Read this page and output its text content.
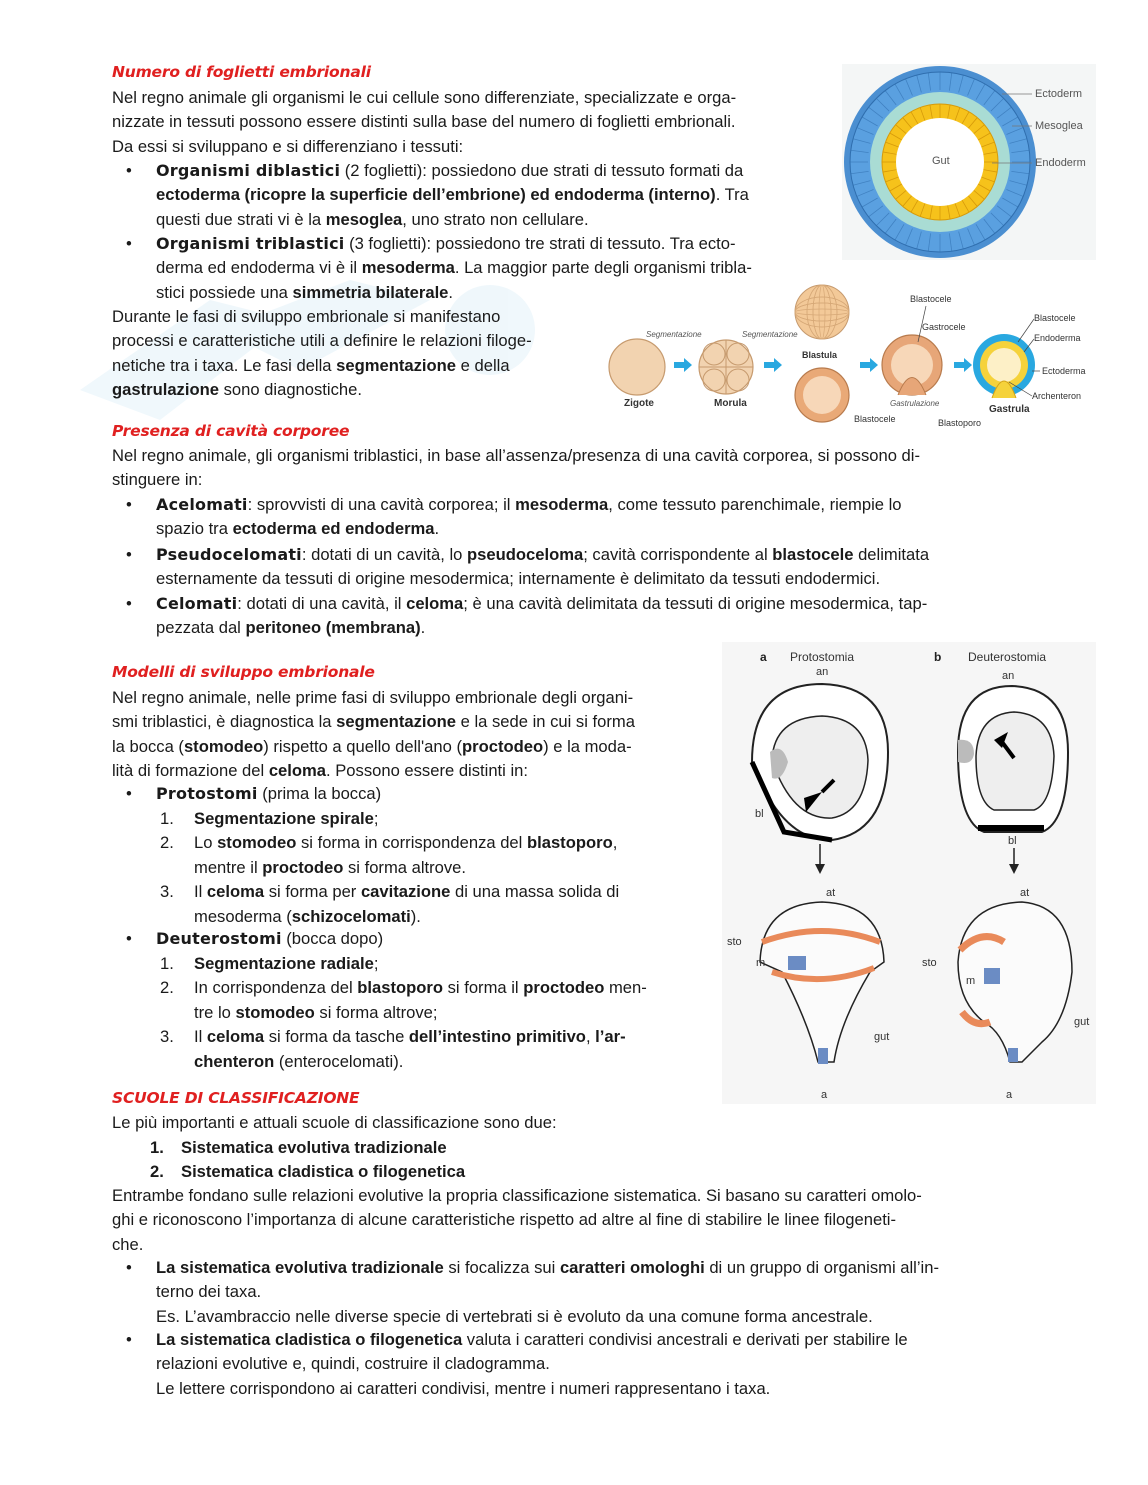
Numero di foglietti embrionali
Nel regno animale gli organismi le cui cellule sono differenziate, specializzate e orga-
nizzate in tessuti possono essere distinti sulla base del numero di foglietti embrionali.
Da essi si sviluppano e si differenziano i tessuti:
• Organismi diblastici (2 foglietti): possiedono due strati di tessuto formati da
ectoderma (ricopre la superficie dell’embrione) ed endoderma (interno). Tra
questi due strati vi è la mesoglea, uno strato non cellulare.
• Organismi triblastici (3 foglietti): possiedono tre strati di tessuto. Tra ecto-
derma ed endoderma vi è il mesoderma. La maggior parte degli organismi tribla-
stici possiede una simmetria bilaterale.
Durante le fasi di sviluppo embrionale si manifestano
processi e caratteristiche utili a definire le relazioni filoge-
netiche tra i taxa. Le fasi della segmentazione e della
gastrulazione sono diagnostiche.
Gut
Ectoderm
Mesoglea
Endoderm
Zigote
Segmentazione
Morula
Segmentazione
Blastula
Blastocele
Blastocele
Gastrocele
Gastrulazione
Blastoporo
Blastocele
Endoderma
Ectoderma
Archenteron
Gastrula
Presenza di cavità corporee
Nel regno animale, gli organismi triblastici, in base all’assenza/presenza di una cavità corporea, si possono di-
stinguere in:
• Acelomati: sprovvisti di una cavità corporea; il mesoderma, come tessuto parenchimale, riempie lo
spazio tra ectoderma ed endoderma.
• Pseudocelomati: dotati di un cavità, lo pseudoceloma; cavità corrispondente al blastocele delimitata
esternamente da tessuti di origine mesodermica; internamente è delimitato da tessuti endodermici.
• Celomati: dotati di una cavità, il celoma; è una cavità delimitata da tessuti di origine mesodermica, tap-
pezzata dal peritoneo (membrana).
Modelli di sviluppo embrionale
Nel regno animale, nelle prime fasi di sviluppo embrionale degli organi-
smi triblastici, è diagnostica la segmentazione e la sede in cui si forma
la bocca (stomodeo) rispetto a quello dell'ano (proctodeo) e la moda-
lità di formazione del celoma. Possono essere distinti in:
• Protostomi (prima la bocca)
1. Segmentazione spirale;
2. Lo stomodeo si forma in corrispondenza del blastoporo,
mentre il proctodeo si forma altrove.
3. Il celoma si forma per cavitazione di una massa solida di
mesoderma (schizocelomati).
• Deuterostomi (bocca dopo)
1. Segmentazione radiale;
2. In corrispondenza del blastoporo si forma il proctodeo men-
tre lo stomodeo si forma altrove;
3. Il celoma si forma da tasche dell’intestino primitivo, l’ar-
chenteron (enterocelomati).
a Protostomia	b Deuterostomia
an	an
bl
at
sto
m
gut
a
bl
at
sto
m
gut
a
SCUOLE DI CLASSIFICAZIONE
Le più importanti e attuali scuole di classificazione sono due:
1. Sistematica evolutiva tradizionale
2. Sistematica cladistica o filogenetica
Entrambe fondano sulle relazioni evolutive la propria classificazione sistematica. Si basano su caratteri omolo-
ghi e riconoscono l’importanza di alcune caratteristiche rispetto ad altre al fine di stabilire le linee filogeneti-
che.
• La sistematica evolutiva tradizionale si focalizza sui caratteri omologhi di un gruppo di organismi all’in-
terno dei taxa.
Es. L’avambraccio nelle diverse specie di vertebrati si è evoluto da una comune forma ancestrale.
• La sistematica cladistica o filogenetica valuta i caratteri condivisi ancestrali e derivati per stabilire le
relazioni evolutive e, quindi, costruire il cladogramma.
Le lettere corrispondono ai caratteri condivisi, mentre i numeri rappresentano i taxa.
